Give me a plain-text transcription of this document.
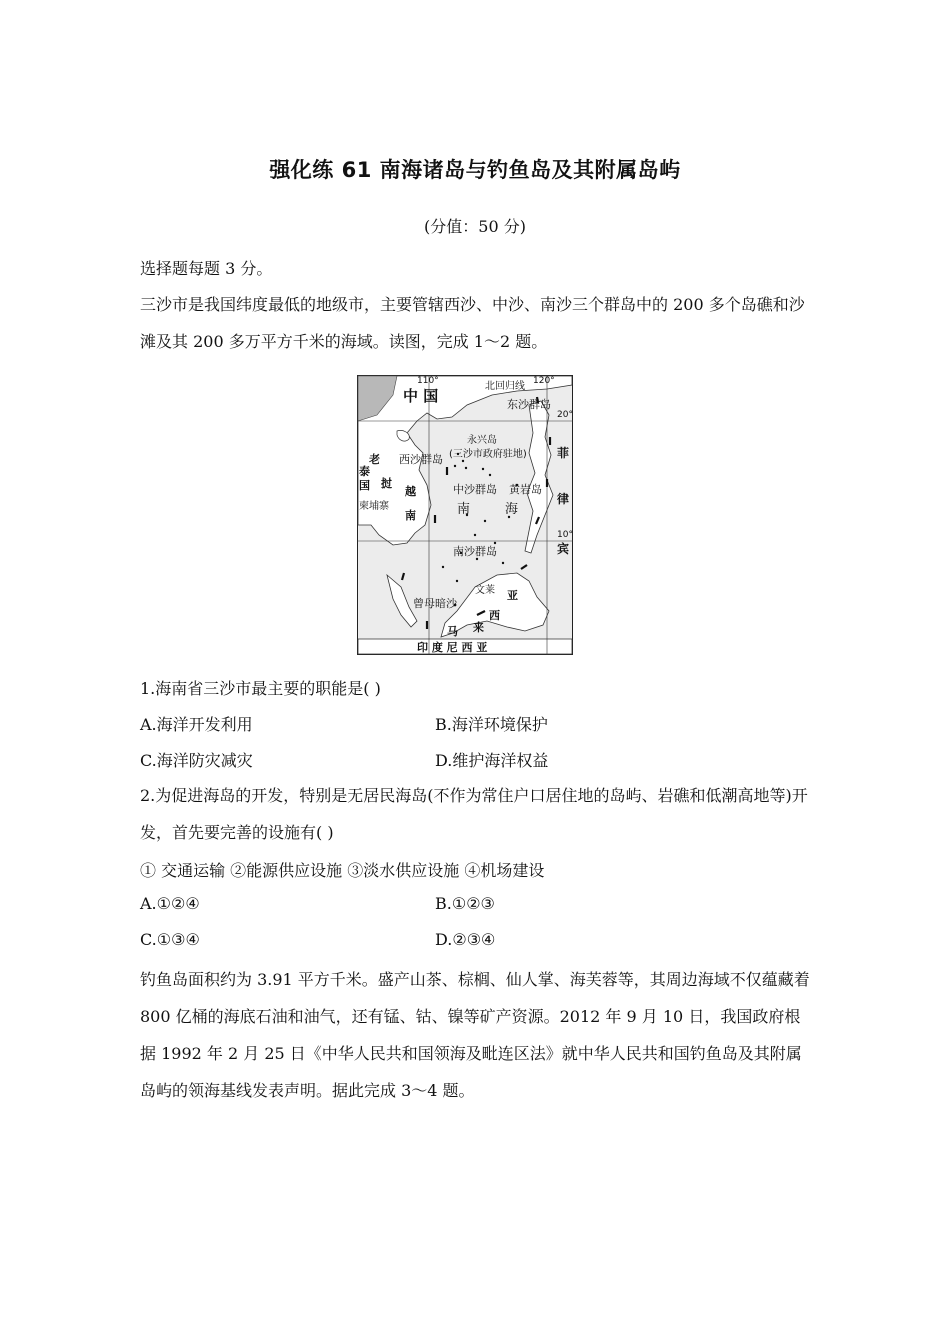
强化练 61 南海诸岛与钓鱼岛及其附属岛屿
(分值：50 分)
选择题每题 3 分。

三沙市是我国纬度最低的地级市，主要管辖西沙、中沙、南沙三个群岛中的 200 多个岛礁和沙滩及其 200 多万平方千米的海域。读图，完成 1～2 题。

110°	120°
20°
10°
中 国
北回归线
东沙群岛
永兴岛
(三沙市政府驻地)
西沙群岛
中沙群岛 黄岩岛
南	海
南沙群岛
曾母暗沙
文莱
老
挝
泰
国
柬埔寨
越
南
菲
律
宾
亚
西
来
马
印 度 尼 西 亚
1.海南省三沙市最主要的职能是( )
A.海洋开发利用	B.海洋环境保护
C.海洋防灾减灾	D.维护海洋权益

2.为促进海岛的开发，特别是无居民海岛(不作为常住户口居住地的岛屿、岩礁和低潮高地等)开发，首先要完善的设施有( )

① 交通运输 ②能源供应设施 ③淡水供应设施 ④机场建设
A.①②④	B.①②③
C.①③④	D.②③④

钓鱼岛面积约为 3.91 平方千米。盛产山茶、棕榈、仙人掌、海芙蓉等，其周边海域不仅蕴藏着 800 亿桶的海底石油和油气，还有锰、钴、镍等矿产资源。2012 年 9 月 10 日，我国政府根据 1992 年 2 月 25 日《中华人民共和国领海及毗连区法》就中华人民共和国钓鱼岛及其附属岛屿的领海基线发表声明。据此完成 3～4 题。
